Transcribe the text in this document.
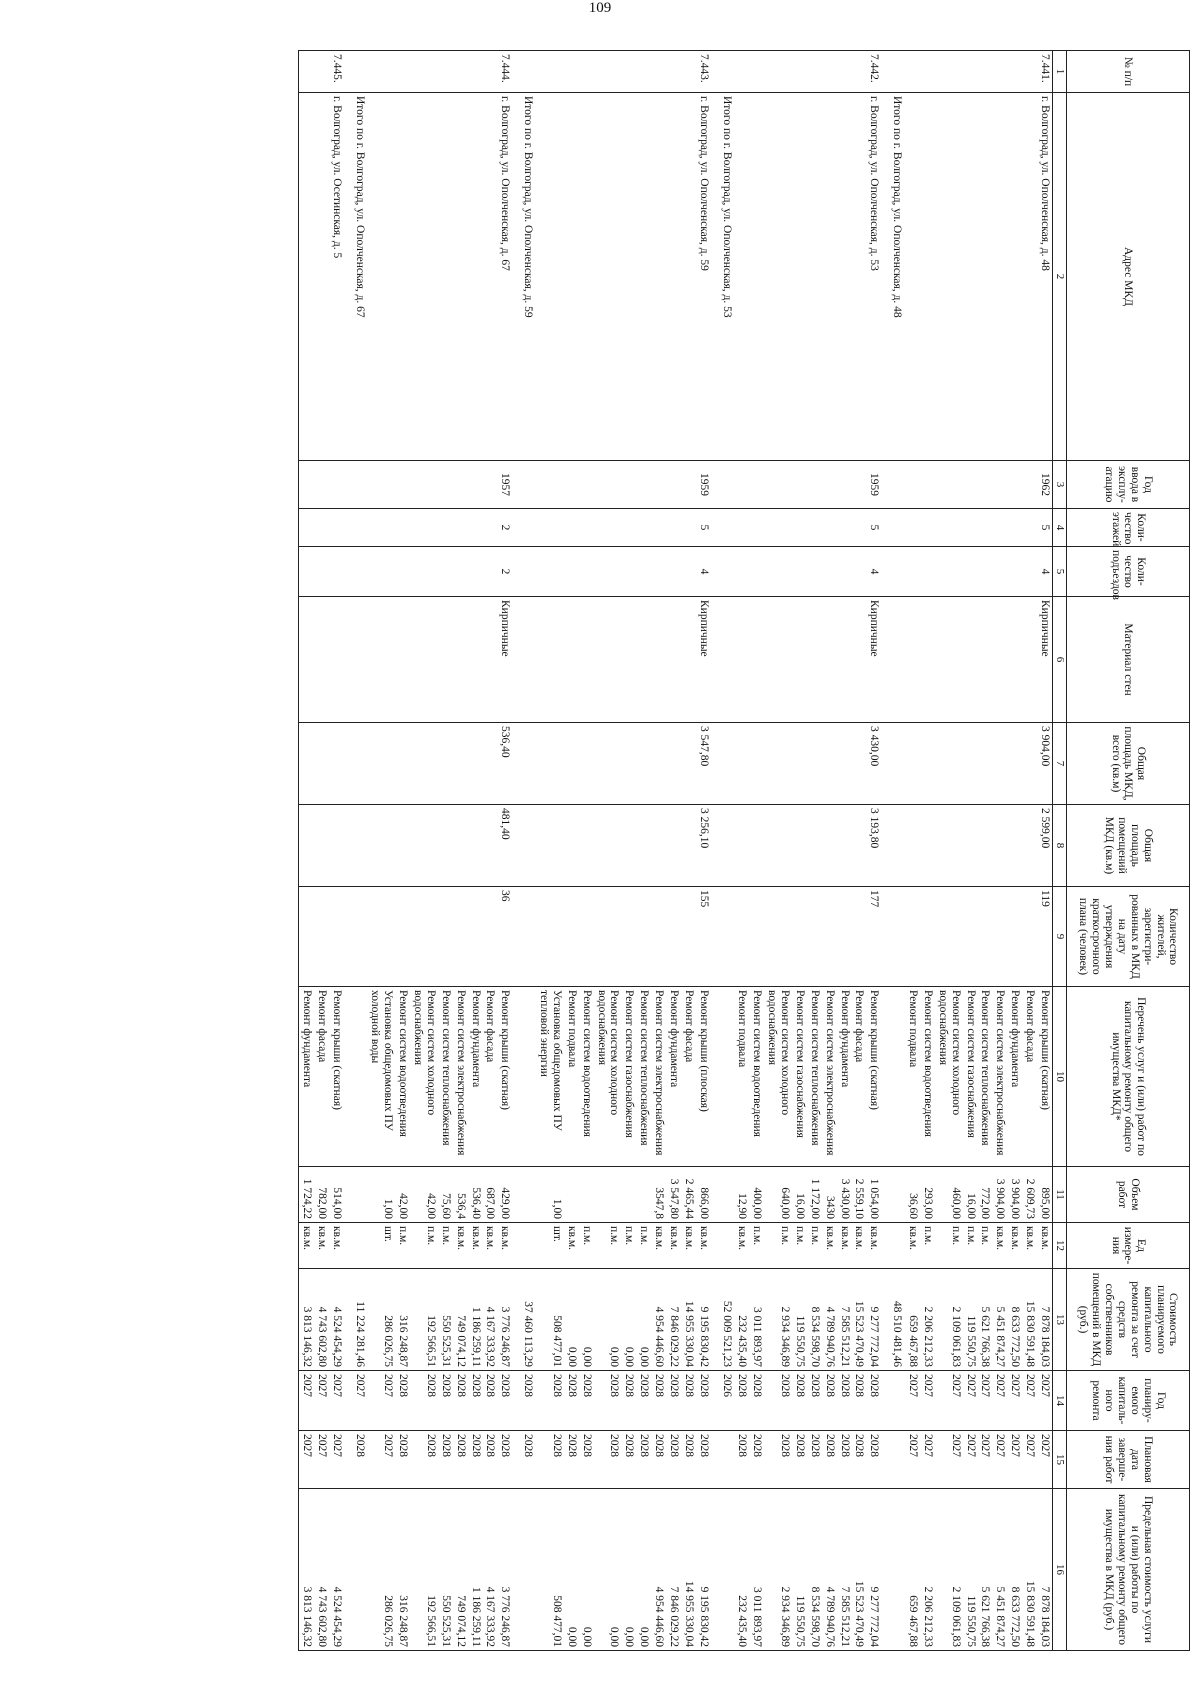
109
№ п/п	Адрес МКД	Год ввода в эксплу-атацию	Коли-чество этажей	Коли-чество подъездов	Материал стен	Общая площадь МКД, всего (кв.м)	Общая площадь помещений МКД (кв.м)	Количество жителей, зарегистри-рованных в МКД на дату утверждения краткосрочного плана (человек)	Перечень услуг и (или) работ по капитальному ремонту общего имущества МКД*	Объем работ	Ед измере-ния	Стоимость планируемого капитального ремонта за счет средств собственников помещений в МКД (руб.)	Год планиру-емого капиталь-ного ремонта	Плановая дата заверше-ния работ	Предельная стоимость услуги и (или) работы по капитальному ремонту общего имущества в МКД (руб.)
1	2	3	4	5	6	7	8	9	10	11	12	13	14	15	16
7.441.	г. Волгоград, ул. Ополченская, д. 48	1962	5	4	Кирпичные	3 904,00	2 599,00	119	Ремонт крыши (скатная)	895,00	кв.м.	7 878 184,03	2027	2027	7 878 184,03
									Ремонт фасада	2 609,73	кв.м.	15 830 591,48	2027	2027	15 830 591,48
									Ремонт фундамента	3 904,00	кв.м.	8 633 772,50	2027	2027	8 633 772,50
									Ремонт систем электроснабжения	3 904,00	кв.м.	5 451 874,27	2027	2027	5 451 874,27
									Ремонт систем теплоснабжения	772,00	п.м.	5 621 766,38	2027	2027	5 621 766,38
									Ремонт систем газоснабжения	16,00	п.м.	119 550,75	2027	2027	119 550,75
									Ремонт систем холодного водоснабжения	460,00	п.м.	2 109 061,83	2027	2027	2 109 061,83
									Ремонт систем водоотведения	293,00	п.м.	2 206 212,33	2027	2027	2 206 212,33
									Ремонт подвала	36,60	кв.м.	659 467,88	2027	2027	659 467,88
	Итого по г. Волгоград, ул. Ополченская, д. 48											48 510 481,46			

7.442.	г. Волгоград, ул. Ополченская, д. 53	1959	5	4	Кирпичные	3 430,00	3 193,80	177	Ремонт крыши (скатная)	1 054,00	кв.м.	9 277 772,04	2028	2028	9 277 772,04
									Ремонт фасада	2 559,10	кв.м.	15 523 470,49	2028	2028	15 523 470,49
									Ремонт фундамента	3 430,00	кв.м.	7 585 512,21	2028	2028	7 585 512,21
									Ремонт систем электроснабжения	3430	кв.м.	4 789 940,76	2028	2028	4 789 940,76
									Ремонт систем теплоснабжения	1 172,00	п.м.	8 534 598,70	2028	2028	8 534 598,70
									Ремонт систем газоснабжения	16,00	п.м.	119 550,75	2028	2028	119 550,75
									Ремонт систем холодного водоснабжения	640,00	п.м.	2 934 346,89	2028	2028	2 934 346,89
									Ремонт систем водоотведения	400,00	п.м.	3 011 893,97	2028	2028	3 011 893,97
									Ремонт подвала	12,90	кв.м.	232 435,40	2028	2028	232 435,40
	Итого по г. Волгоград, ул. Ополченская, д. 53											52 009 521,23	2026		

7.443.	г. Волгоград, ул. Ополченская, д. 59	1959	5	4	Кирпичные	3 547,80	3 256,10	155	Ремонт крыши (плоская)	866,00	кв.м.	9 195 830,42	2028	2028	9 195 830,42
									Ремонт фасада	2 465,44	кв.м.	14 955 330,04	2028	2028	14 955 330,04
									Ремонт фундамента	3 547,80	кв.м.	7 846 029,22	2028	2028	7 846 029,22
									Ремонт систем электроснабжения	3547,8	кв.м.	4 954 446,60	2028	2028	4 954 446,60
									Ремонт систем теплоснабжения		п.м.	0,00	2028	2028	0,00
									Ремонт систем газоснабжения		п.м.	0,00	2028	2028	0,00
									Ремонт систем холодного водоснабжения		п.м.	0,00	2028	2028	0,00
									Ремонт систем водоотведения		п.м.	0,00	2028	2028	0,00
									Ремонт подвала		кв.м.	0,00	2028	2028	0,00
									Установка общедомовых ПУ тепловой энергии	1,00	шт.	508 477,01	2028	2028	508 477,01
	Итого по г. Волгоград, ул. Ополченская, д. 59											37 460 113,29	2028	2028	

7.444.	г. Волгоград, ул. Ополченская, д. 67	1957	2	2	Кирпичные	536,40	481,40	36	Ремонт крыши (скатная)	429,00	кв.м.	3 776 246,87	2028	2028	3 776 246,87
									Ремонт фасада	687,00	кв.м.	4 167 333,92	2028	2028	4 167 333,92
									Ремонт фундамента	536,40	кв.м.	1 186 259,11	2028	2028	1 186 259,11
									Ремонт систем электроснабжения	536,4	кв.м.	749 074,12	2028	2028	749 074,12
									Ремонт систем теплоснабжения	75,60	п.м.	550 525,31	2028	2028	550 525,31
									Ремонт систем холодного водоснабжения	42,00	п.м.	192 566,51	2028	2028	192 566,51
									Ремонт систем водоотведения	42,00	п.м.	316 248,87	2028	2028	316 248,87
									Установка общедомовых ПУ холодной воды	1,00	шт.	286 026,75	2027	2027	286 026,75
	Итого по г. Волгоград, ул. Ополченская, д. 67											11 224 281,46	2027	2028	

7.445.	г. Волгоград, ул. Осетинская, д. 5								Ремонт крыши (скатная)	514,00	кв.м.	4 524 454,29	2027	2027	4 524 454,29
									Ремонт фасада	782,00	кв.м.	4 743 602,80	2027	2027	4 743 602,80
									Ремонт фундамента	1 724,22	кв.м.	3 813 146,32	2027	2027	3 813 146,32
